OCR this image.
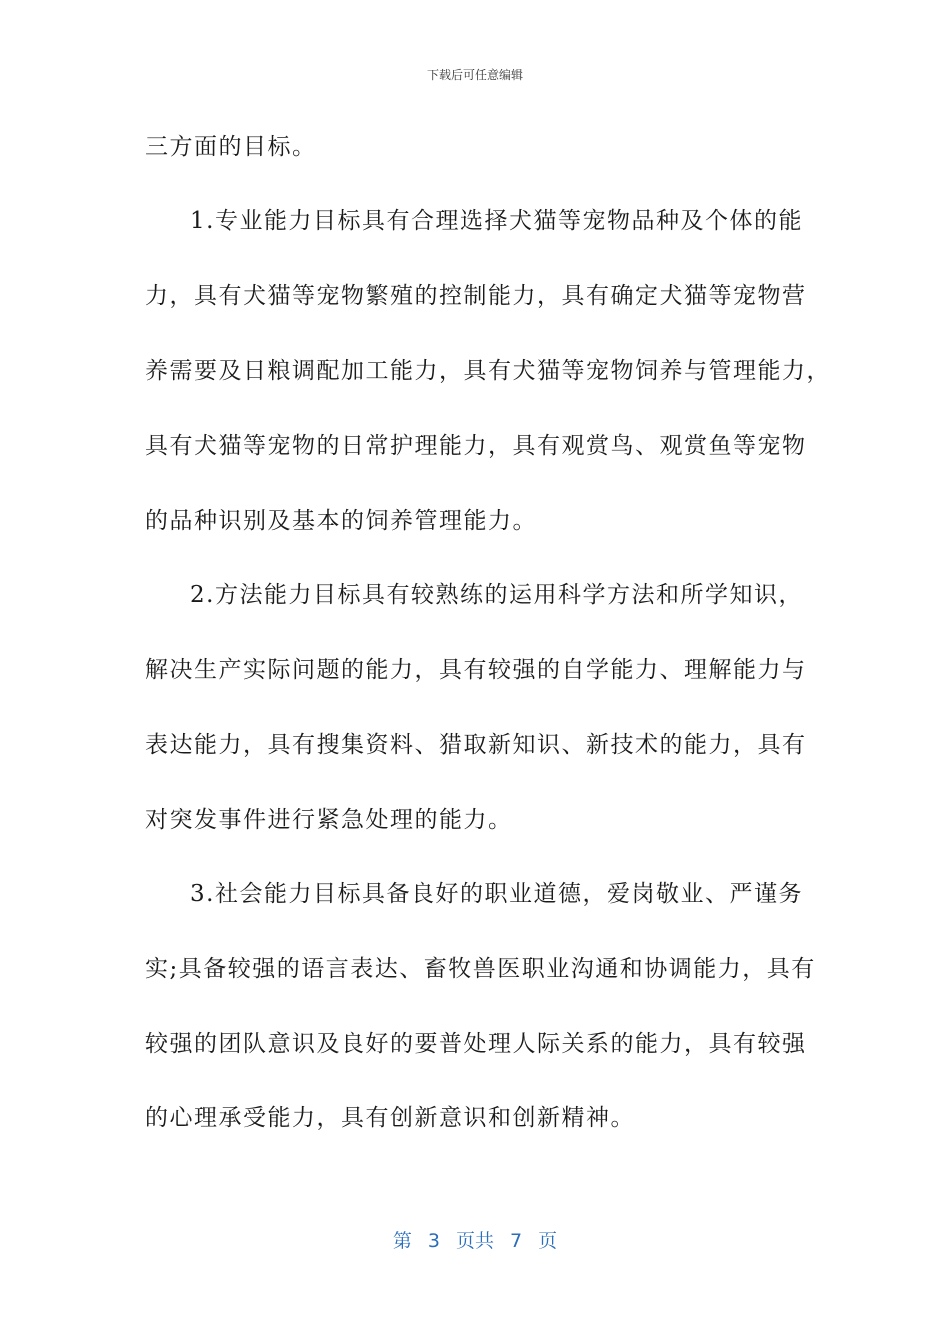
下载后可任意编辑
三方面的目标。
1.专业能力目标具有合理选择犬猫等宠物品种及个体的能
力，具有犬猫等宠物繁殖的控制能力，具有确定犬猫等宠物营
养需要及日粮调配加工能力，具有犬猫等宠物饲养与管理能力，
具有犬猫等宠物的日常护理能力，具有观赏鸟、观赏鱼等宠物
的品种识别及基本的饲养管理能力。
2.方法能力目标具有较熟练的运用科学方法和所学知识，
解决生产实际问题的能力，具有较强的自学能力、理解能力与
表达能力，具有搜集资料、猎取新知识、新技术的能力，具有
对突发事件进行紧急处理的能力。
3.社会能力目标具备良好的职业道德，爱岗敬业、严谨务
实;具备较强的语言表达、畜牧兽医职业沟通和协调能力，具有
较强的团队意识及良好的要普处理人际关系的能力，具有较强
的心理承受能力，具有创新意识和创新精神。
第 3 页共 7 页
